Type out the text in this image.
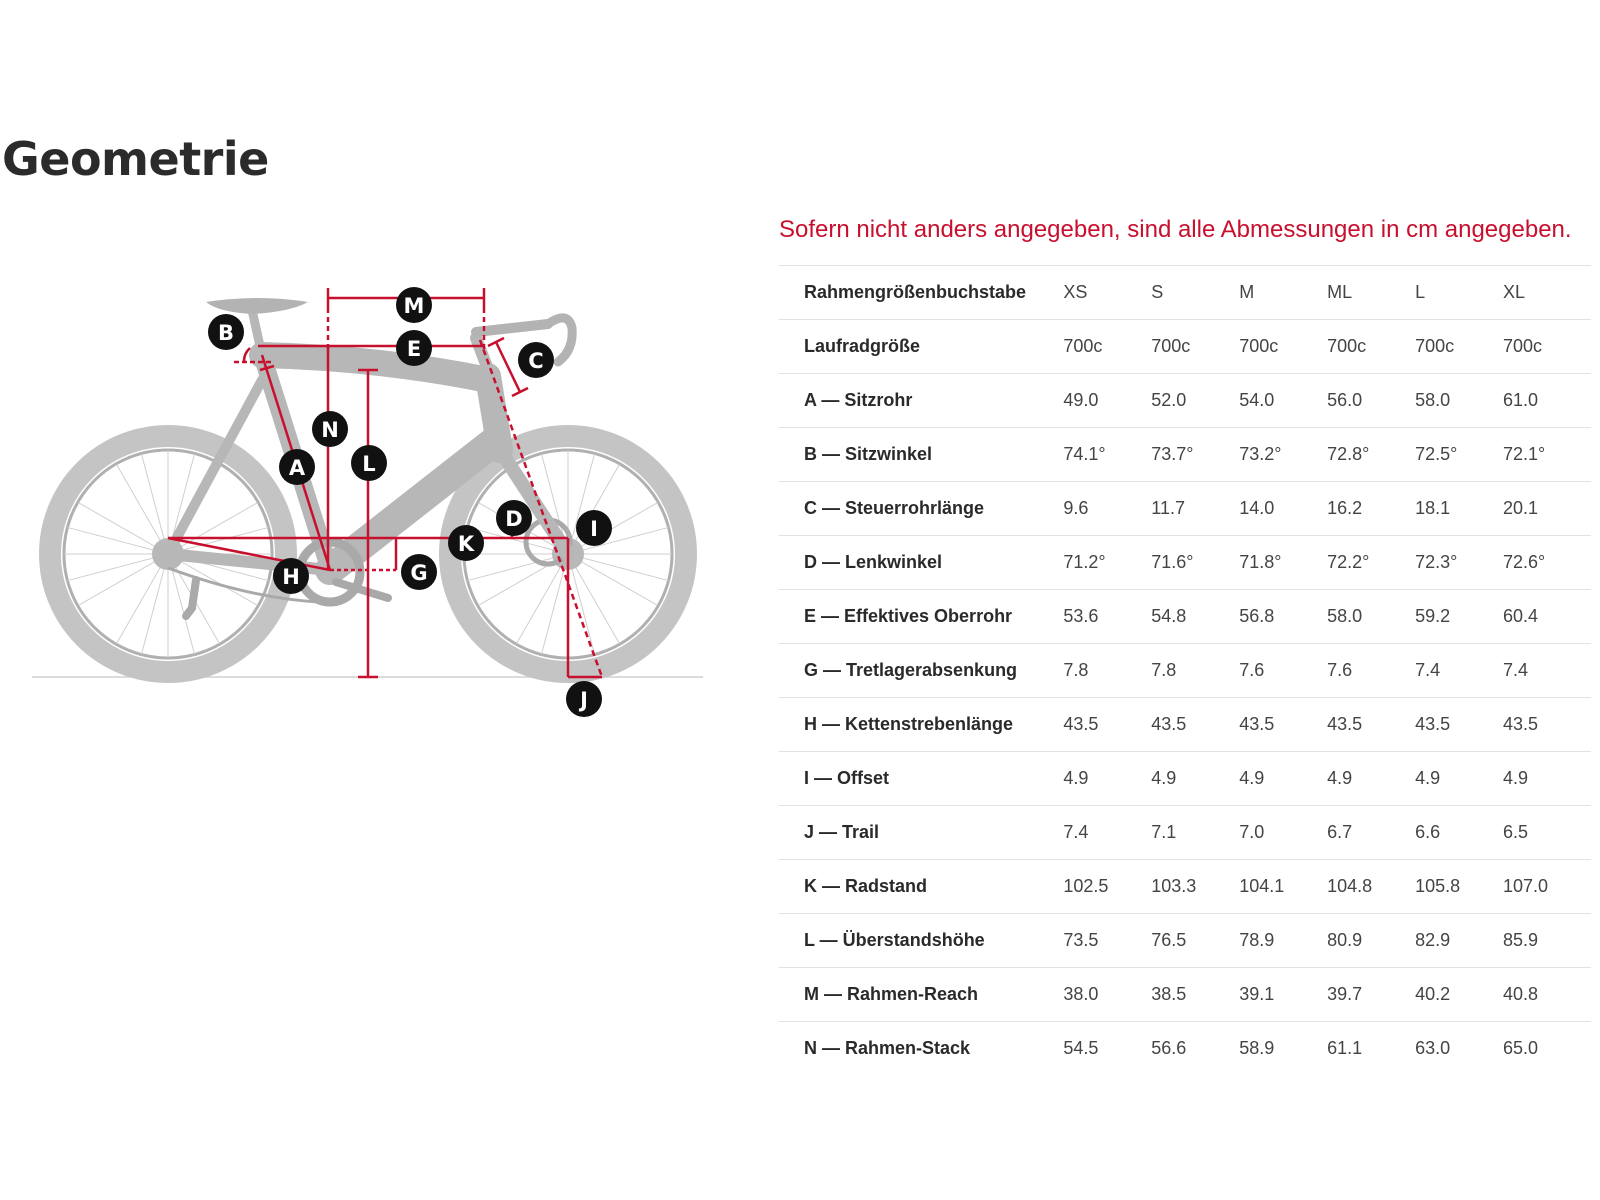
Geometrie
Sofern nicht anders angegeben, sind alle Abmessungen in cm angegeben.
A
B
C
D
E
G
H
I
J
K
L
M
N
Rahmengrößenbuchstabe	XS	S	M	ML	L	XL
Laufradgröße	700c	700c	700c	700c	700c	700c
A — Sitzrohr	49.0	52.0	54.0	56.0	58.0	61.0
B — Sitzwinkel	74.1°	73.7°	73.2°	72.8°	72.5°	72.1°
C — Steuerrohrlänge	9.6	11.7	14.0	16.2	18.1	20.1
D — Lenkwinkel	71.2°	71.6°	71.8°	72.2°	72.3°	72.6°
E — Effektives Oberrohr	53.6	54.8	56.8	58.0	59.2	60.4
G — Tretlagerabsenkung	7.8	7.8	7.6	7.6	7.4	7.4
H — Kettenstrebenlänge	43.5	43.5	43.5	43.5	43.5	43.5
I — Offset	4.9	4.9	4.9	4.9	4.9	4.9
J — Trail	7.4	7.1	7.0	6.7	6.6	6.5
K — Radstand	102.5	103.3	104.1	104.8	105.8	107.0
L — Überstandshöhe	73.5	76.5	78.9	80.9	82.9	85.9
M — Rahmen-Reach	38.0	38.5	39.1	39.7	40.2	40.8
N — Rahmen-Stack	54.5	56.6	58.9	61.1	63.0	65.0
